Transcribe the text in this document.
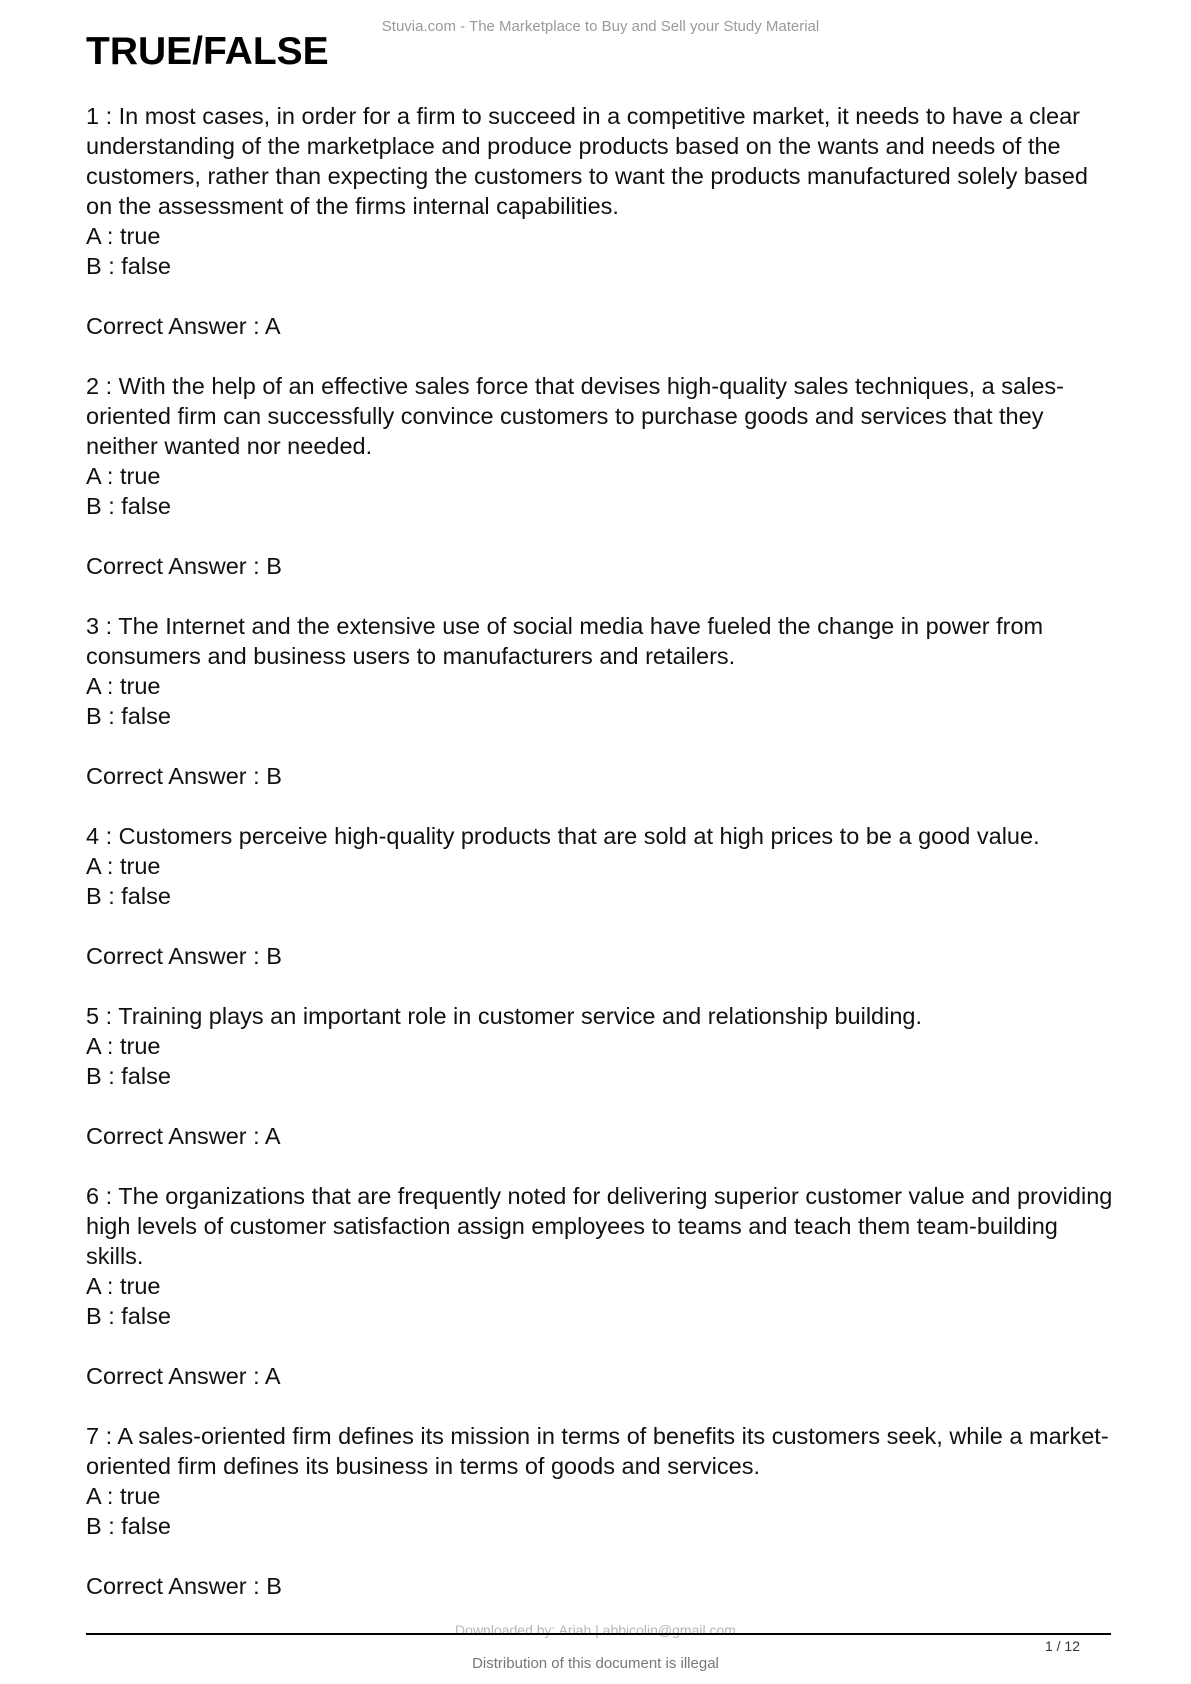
Stuvia.com - The Marketplace to Buy and Sell your Study Material
TRUE/FALSE

1 : In most cases, in order for a firm to succeed in a competitive market, it needs to have a clear understanding of the marketplace and produce products based on the wants and needs of the customers, rather than expecting the customers to want the products manufactured solely based on the assessment of the firms internal capabilities.

A : true

B : false

Correct Answer : A

2 : With the help of an effective sales force that devises high-quality sales techniques, a sales-oriented firm can successfully convince customers to purchase goods and services that they neither wanted nor needed.

A : true

B : false

Correct Answer : B

3 : The Internet and the extensive use of social media have fueled the change in power from consumers and business users to manufacturers and retailers.

A : true

B : false

Correct Answer : B

4 : Customers perceive high-quality products that are sold at high prices to be a good value.

A : true

B : false

Correct Answer : B

5 : Training plays an important role in customer service and relationship building.

A : true

B : false

Correct Answer : A

6 : The organizations that are frequently noted for delivering superior customer value and providing high levels of customer satisfaction assign employees to teams and teach them team-building skills.

A : true

B : false

Correct Answer : A

7 : A sales-oriented firm defines its mission in terms of benefits its customers seek, while a market-oriented firm defines its business in terms of goods and services.

A : true

B : false

Correct Answer : B

Downloaded by: Ariah | abbicolin@gmail.com
1 / 12
Distribution of this document is illegal
